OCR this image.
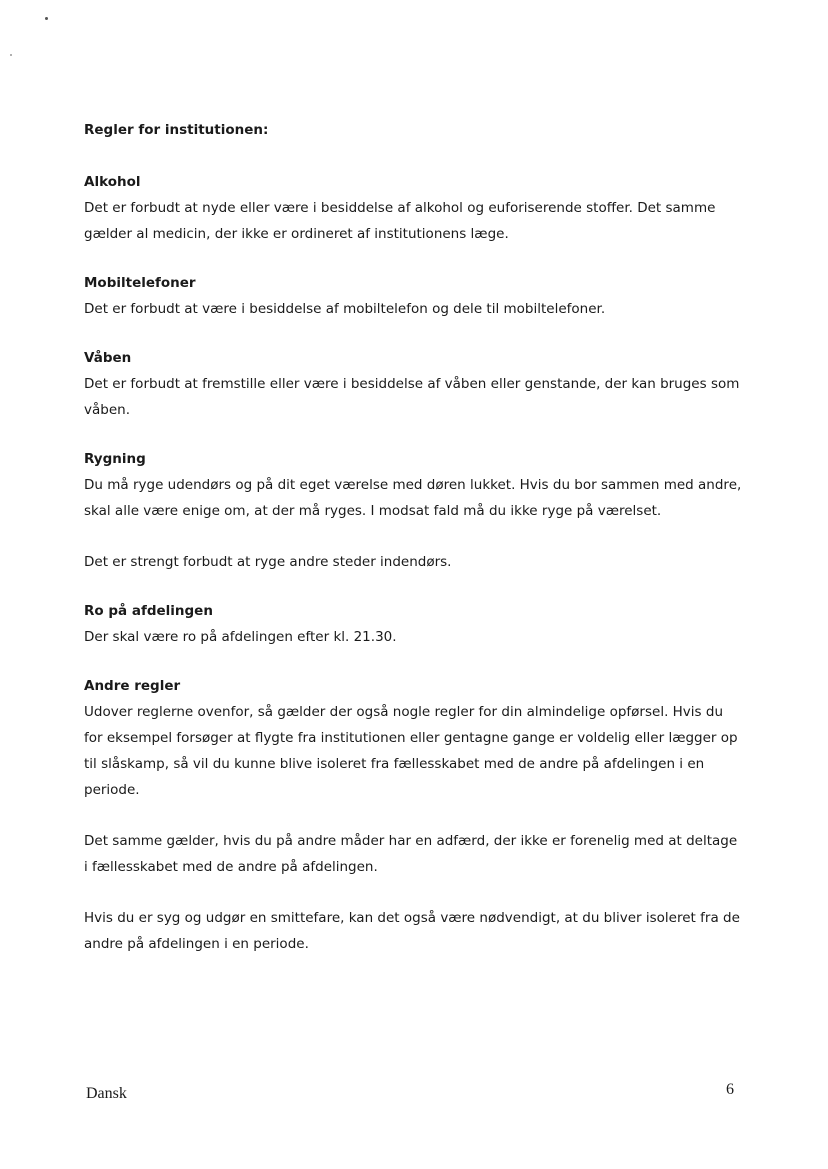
Regler for institutionen:
Alkohol

Det er forbudt at nyde eller være i besiddelse af alkohol og euforiserende stoffer. Det samme gælder al medicin, der ikke er ordineret af institutionens læge.

Mobiltelefoner

Det er forbudt at være i besiddelse af mobiltelefon og dele til mobiltelefoner.

Våben

Det er forbudt at fremstille eller være i besiddelse af våben eller genstande, der kan bruges som våben.

Rygning

Du må ryge udendørs og på dit eget værelse med døren lukket. Hvis du bor sammen med andre, skal alle være enige om, at der må ryges. I modsat fald må du ikke ryge på værelset.

Det er strengt forbudt at ryge andre steder indendørs.

Ro på afdelingen

Der skal være ro på afdelingen efter kl. 21.30.

Andre regler

Udover reglerne ovenfor, så gælder der også nogle regler for din almindelige opførsel. Hvis du for eksempel forsøger at flygte fra institutionen eller gentagne gange er voldelig eller lægger op til slåskamp, så vil du kunne blive isoleret fra fællesskabet med de andre på afdelingen i en periode.

Det samme gælder, hvis du på andre måder har en adfærd, der ikke er forenelig med at deltage i fællesskabet med de andre på afdelingen.

Hvis du er syg og udgør en smittefare, kan det også være nødvendigt, at du bliver isoleret fra de andre på afdelingen i en periode.

Dansk	6
